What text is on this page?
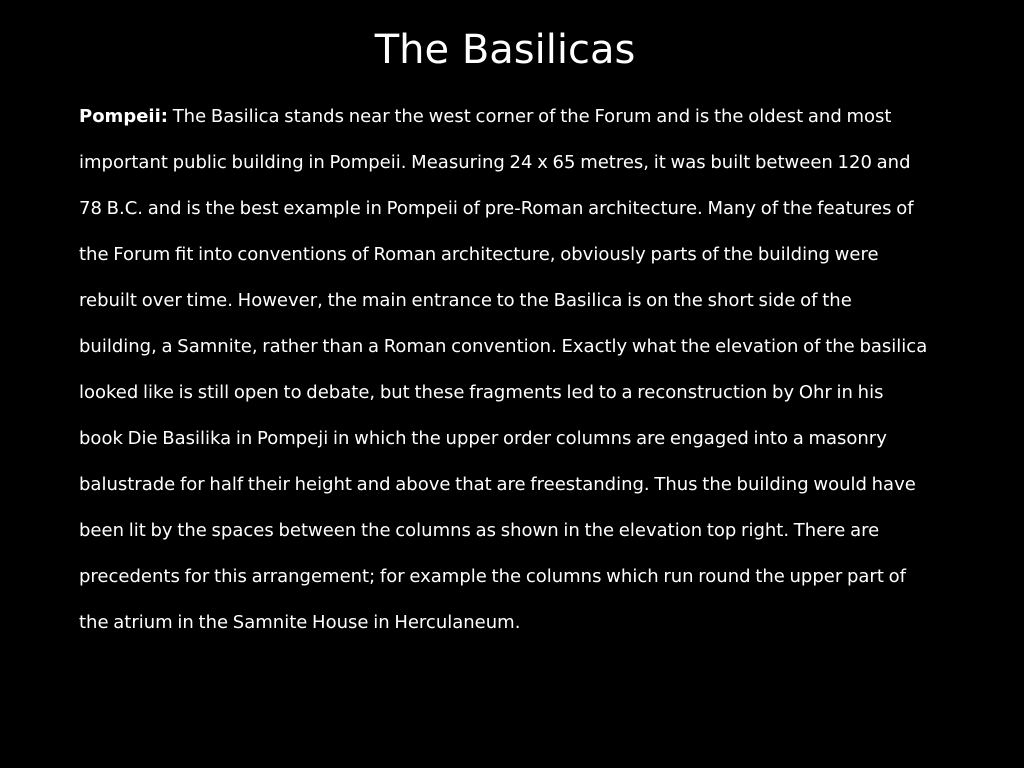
The Basilicas

Pompeii: The Basilica stands near the west corner of the Forum and is the oldest and most important public building in Pompeii. Measuring 24 x 65 metres, it was built between 120 and 78 B.C. and is the best example in Pompeii of pre-Roman architecture. Many of the features of the Forum fit into conventions of Roman architecture, obviously parts of the building were rebuilt over time. However, the main entrance to the Basilica is on the short side of the building, a Samnite, rather than a Roman convention. Exactly what the elevation of the basilica looked like is still open to debate, but these fragments led to a reconstruction by Ohr in his book Die Basilika in Pompeji in which the upper order columns are engaged into a masonry balustrade for half their height and above that are freestanding. Thus the building would have been lit by the spaces between the columns as shown in the elevation top right. There are precedents for this arrangement; for example the columns which run round the upper part of the atrium in the Samnite House in Herculaneum.
